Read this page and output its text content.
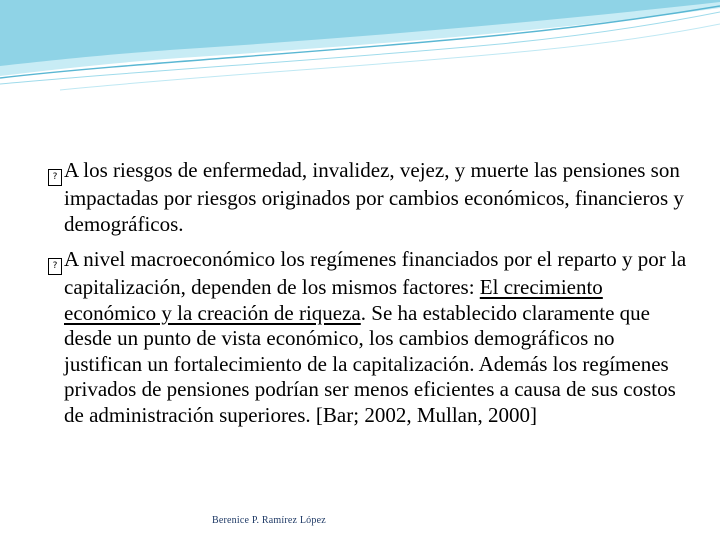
? A los riesgos de enfermedad, invalidez, vejez, y muerte las pensiones son impactadas por riesgos originados por cambios económicos, financieros y demográficos.
? A nivel macroeconómico los regímenes financiados por el reparto y por la capitalización, dependen de los mismos factores: El crecimiento económico y la creación de riqueza. Se ha establecido claramente que desde un punto de vista económico, los cambios demográficos no justifican un fortalecimiento de la capitalización. Además los regímenes privados de pensiones podrían ser menos eficientes a causa de sus costos de administración superiores. [Bar; 2002, Mullan, 2000]
Berenice P. Ramírez López
